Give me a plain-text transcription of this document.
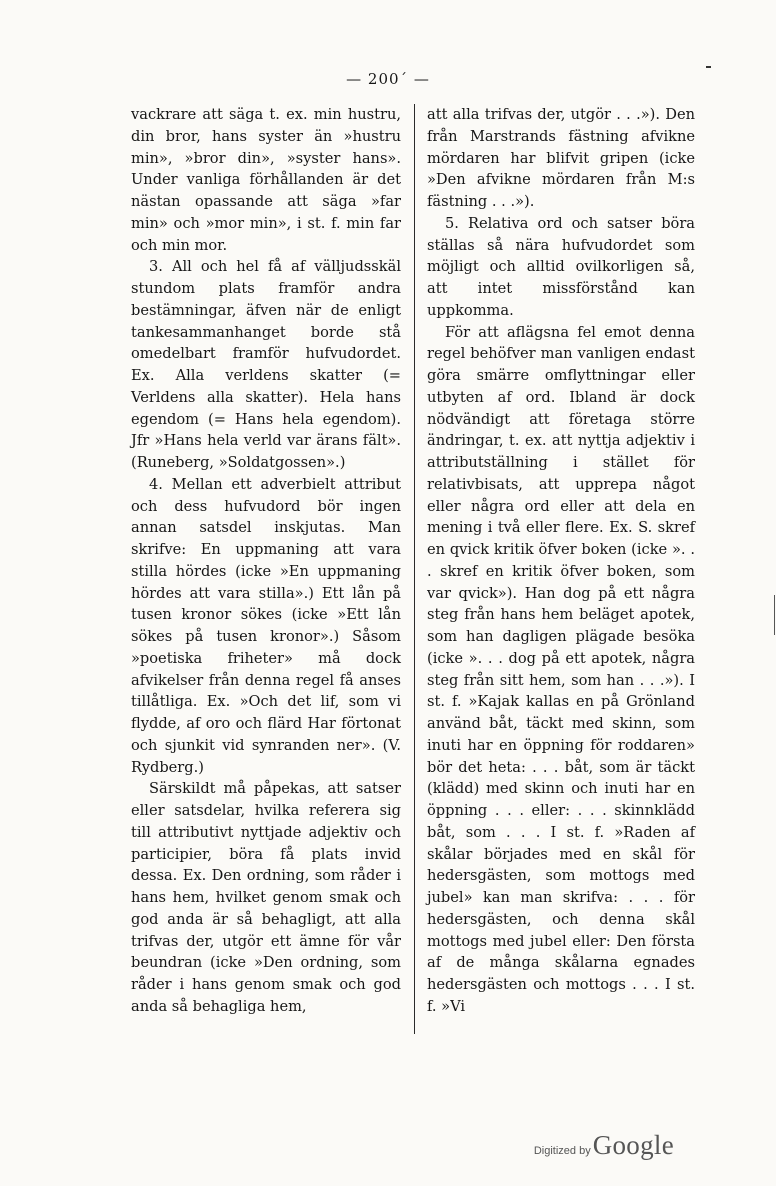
— 200´ —

vackrare att säga t. ex. min hustru, din bror, hans syster än »hustru min», »bror din», »syster hans». Under vanliga förhållanden är det nästan opassande att säga »far min» och »mor min», i st. f. min far och min mor.

3. All och hel få af välljudsskäl stundom plats framför andra bestämningar, äfven när de enligt tankesammanhanget borde stå omedelbart framför hufvudordet. Ex. Alla verldens skatter (= Verldens alla skatter). Hela hans egendom (= Hans hela egendom). Jfr »Hans hela verld var ärans fält». (Runeberg, »Soldatgossen».)

4. Mellan ett adverbielt attribut och dess hufvudord bör ingen annan satsdel inskjutas. Man skrifve: En uppmaning att vara stilla hördes (icke »En uppmaning hördes att vara stilla».) Ett lån på tusen kronor sökes (icke »Ett lån sökes på tusen kronor».) Såsom »poetiska friheter» må dock afvikelser från denna regel få anses tillåtliga. Ex. »Och det lif, som vi flydde, af oro och flärd Har förtonat och sjunkit vid synranden ner». (V. Rydberg.)

Särskildt må påpekas, att satser eller satsdelar, hvilka referera sig till attributivt nyttjade adjektiv och participier, böra få plats invid dessa. Ex. Den ordning, som råder i hans hem, hvilket genom smak och god anda är så behagligt, att alla trifvas der, utgör ett ämne för vår beundran (icke »Den ordning, som råder i hans genom smak och god anda så behagliga hem,

att alla trifvas der, utgör . . .»). Den från Marstrands fästning afvikne mördaren har blifvit gripen (icke »Den afvikne mördaren från M:s fästning . . .»).

5. Relativa ord och satser böra ställas så nära hufvudordet som möjligt och alltid ovilkorligen så, att intet missförstånd kan uppkomma.

För att aflägsna fel emot denna regel behöfver man vanligen endast göra smärre omflyttningar eller utbyten af ord. Ibland är dock nödvändigt att företaga större ändringar, t. ex. att nyttja adjektiv i attributställning i stället för relativbisats, att upprepa något eller några ord eller att dela en mening i två eller flere. Ex. S. skref en qvick kritik öfver boken (icke ». . . skref en kritik öfver boken, som var qvick»). Han dog på ett några steg från hans hem beläget apotek, som han dagligen plägade besöka (icke ». . . dog på ett apotek, några steg från sitt hem, som han . . .»). I st. f. »Kajak kallas en på Grönland använd båt, täckt med skinn, som inuti har en öppning för roddaren» bör det heta: . . . båt, som är täckt (klädd) med skinn och inuti har en öppning . . . eller: . . . skinnklädd båt, som . . . I st. f. »Raden af skålar börjades med en skål för hedersgästen, som mottogs med jubel» kan man skrifva: . . . för hedersgästen, och denna skål mottogs med jubel eller: Den första af de många skålarna egnades hedersgästen och mottogs . . . I st. f. »Vi

Digitized by Google
